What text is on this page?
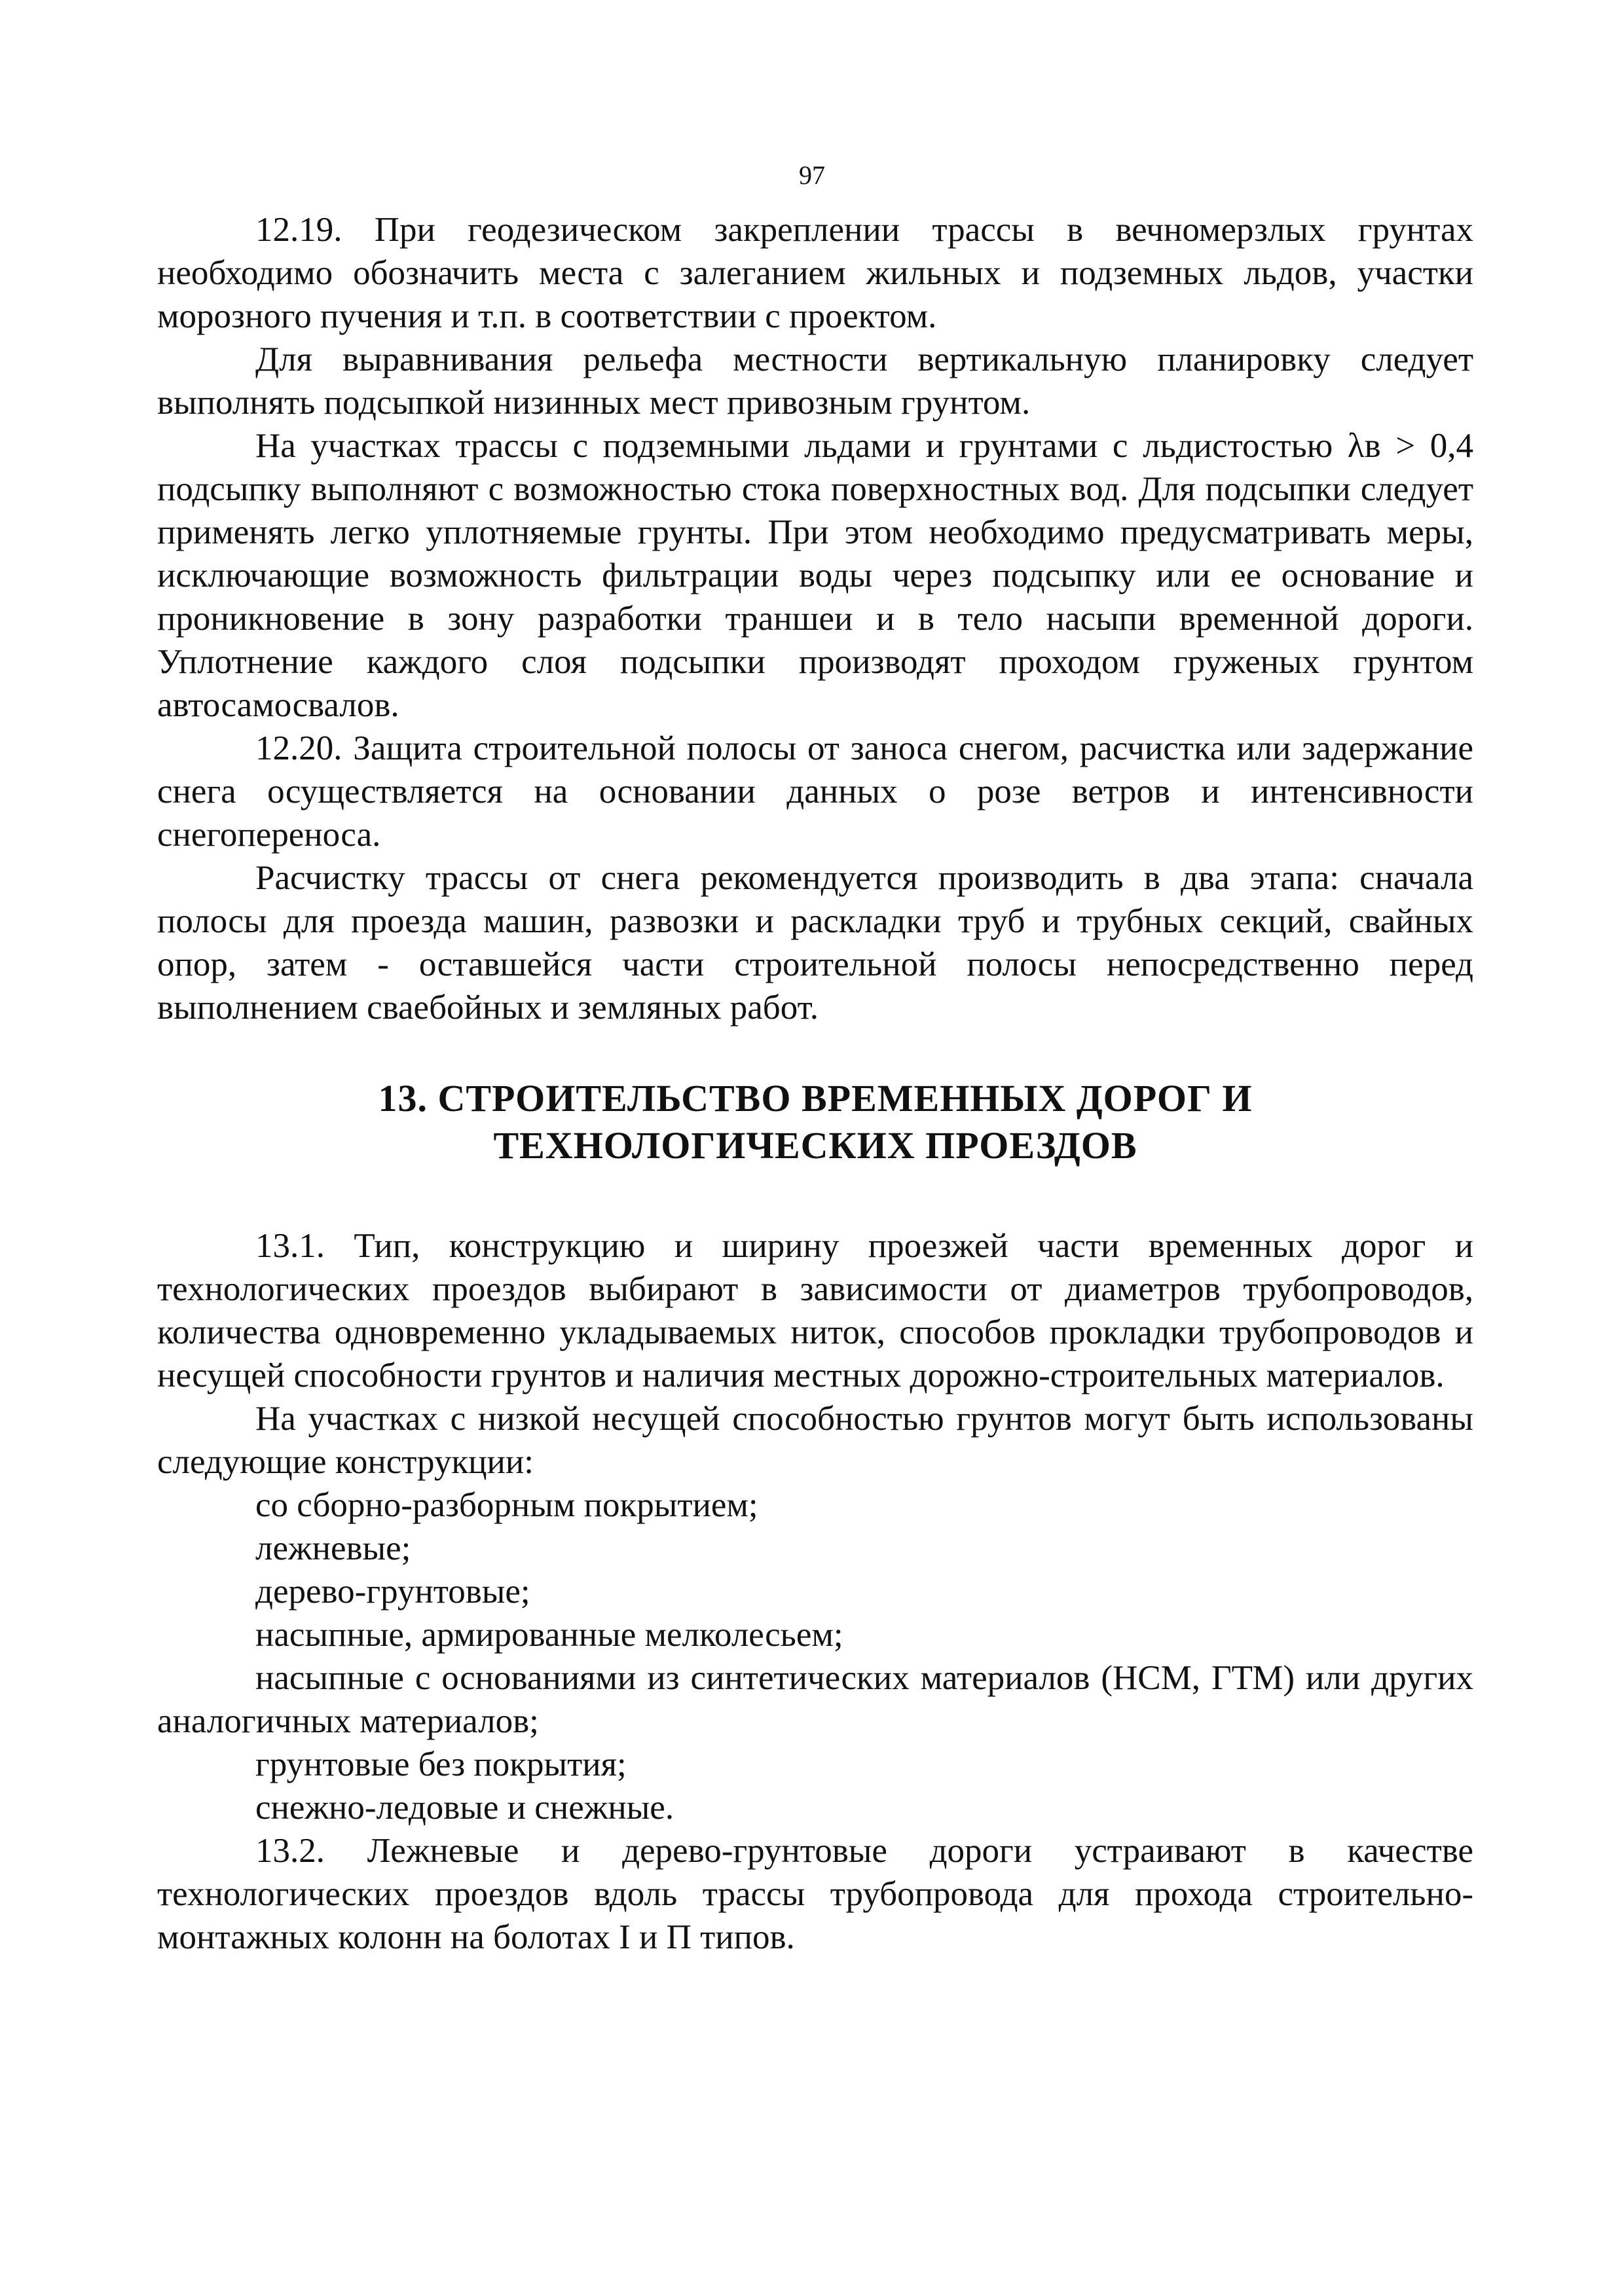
97

12.19. При геодезическом закреплении трассы в вечномерзлых грунтах необходимо обозначить места с залеганием жильных и подземных льдов, участки морозного пучения и т.п. в соответствии с проектом.

Для выравнивания рельефа местности вертикальную планировку следует выполнять подсыпкой низинных мест привозным грунтом.

На участках трассы с подземными льдами и грунтами с льдистостью λв > 0,4 подсыпку выполняют с возможностью стока поверхностных вод. Для подсыпки следует применять легко уплотняемые грунты. При этом необходимо предусматривать меры, исключающие возможность фильтрации воды через подсыпку или ее основание и проникновение в зону разработки траншеи и в тело насыпи временной дороги. Уплотнение каждого слоя подсыпки производят проходом груженых грунтом автосамосвалов.

12.20. Защита строительной полосы от заноса снегом, расчистка или задержание снега осуществляется на основании данных о розе ветров и интенсивности снегопереноса.

Расчистку трассы от снега рекомендуется производить в два этапа: сначала полосы для проезда машин, развозки и раскладки труб и трубных секций, свайных опор, затем - оставшейся части строительной полосы непосредственно перед выполнением сваебойных и земляных работ.

13. СТРОИТЕЛЬСТВО ВРЕМЕННЫХ ДОРОГ И
ТЕХНОЛОГИЧЕСКИХ ПРОЕЗДОВ

13.1. Тип, конструкцию и ширину проезжей части временных дорог и технологических проездов выбирают в зависимости от диаметров трубопроводов, количества одновременно укладываемых ниток, способов прокладки трубопроводов и несущей способности грунтов и наличия местных дорожно-строительных материалов.

На участках с низкой несущей способностью грунтов могут быть использованы следующие конструкции:

со сборно-разборным покрытием;

лежневые;

дерево-грунтовые;

насыпные, армированные мелколесьем;

насыпные с основаниями из синтетических материалов (НСМ, ГТМ) или других аналогичных материалов;

грунтовые без покрытия;

снежно-ледовые и снежные.

13.2. Лежневые и дерево-грунтовые дороги устраивают в качестве технологических проездов вдоль трассы трубопровода для прохода строительно-монтажных колонн на болотах I и П типов.
